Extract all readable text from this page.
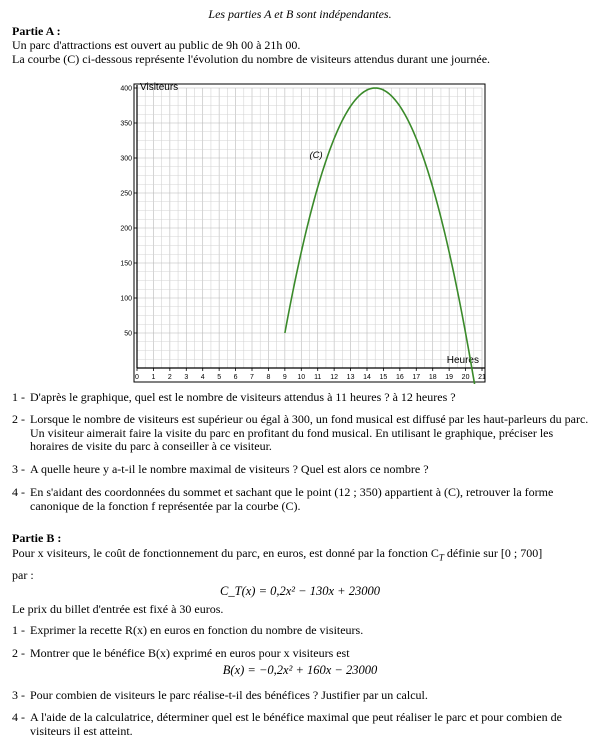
Les parties A et B sont indépendantes.
Partie A :
Un parc d'attractions est ouvert au public de 9h 00 à 21h 00.
La courbe (C) ci-dessous représente l'évolution du nombre de visiteurs attendus durant une journée.
0 1 2 3 4 5 6 7 8 9 10 11 12 13 14 15 16 17 18 19 20 21
50
100
150
200
250
300
350
400 Visiteurs
Heures
(C)
1 - D'après le graphique, quel est le nombre de visiteurs attendus à 11 heures ? à 12 heures ?
2 - Lorsque le nombre de visiteurs est supérieur ou égal à 300, un fond musical est diffusé par les haut-parleurs du parc. Un visiteur aimerait faire la visite du parc en profitant du fond musical. En utilisant le graphique, préciser les horaires de visite du parc à conseiller à ce visiteur.
3 - A quelle heure y a-t-il le nombre maximal de visiteurs ? Quel est alors ce nombre ?
4 - En s'aidant des coordonnées du sommet et sachant que le point (12 ; 350) appartient à (C), retrouver la forme canonique de la fonction f représentée par la courbe (C).
Partie B :
Pour x visiteurs, le coût de fonctionnement du parc, en euros, est donné par la fonction $C_T$ définie sur [0 ; 700]
par :
C_T(x) = 0,2x² − 130x + 23000
Le prix du billet d'entrée est fixé à 30 euros.
1 - Exprimer la recette R(x) en euros en fonction du nombre de visiteurs.
2 - Montrer que le bénéfice B(x) exprimé en euros pour x visiteurs est
B(x) = −0,2x² + 160x − 23000
3 - Pour combien de visiteurs le parc réalise-t-il des bénéfices ? Justifier par un calcul.
4 - A l'aide de la calculatrice, déterminer quel est le bénéfice maximal que peut réaliser le parc et pour combien de visiteurs il est atteint.
